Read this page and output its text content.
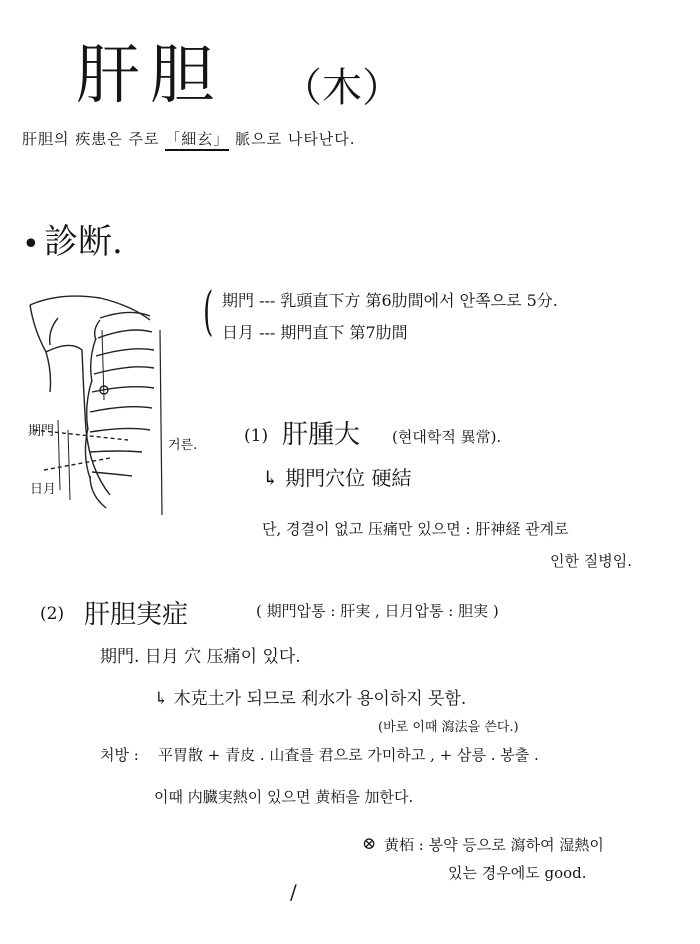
肝胆 （木）
肝胆의 疾患은 주로 「細玄」 脈으로 나타난다.
• 診断.
( 期門 --- 乳頭直下方 第6肋間에서 안쪽으로 5分.
日月 --- 期門直下 第7肋間
期門
日月
거른.	(1) 肝腫大 (현대학적 異常).
↳ 期門穴位 硬結
단, 경결이 없고 压痛만 있으면 : 肝神経 관계로
인한 질병임.
(2) 肝胆実症	( 期門압통 : 肝実 , 日月압통 : 胆実 )
期門. 日月 穴 压痛이 있다.
↳ 木克土가 되므로 利水가 용이하지 못함.
(바로 이때 瀉法을 쓴다.)
처방 : 平胃散 + 青皮 . 山査를 君으로 가미하고 , + 삼릉 . 봉출 .
이때 内臓実熱이 있으면 黄栢을 加한다.
⊗ 黄栢 : 봉약 등으로 瀉하여 湿熱이
있는 경우에도 good.
/
